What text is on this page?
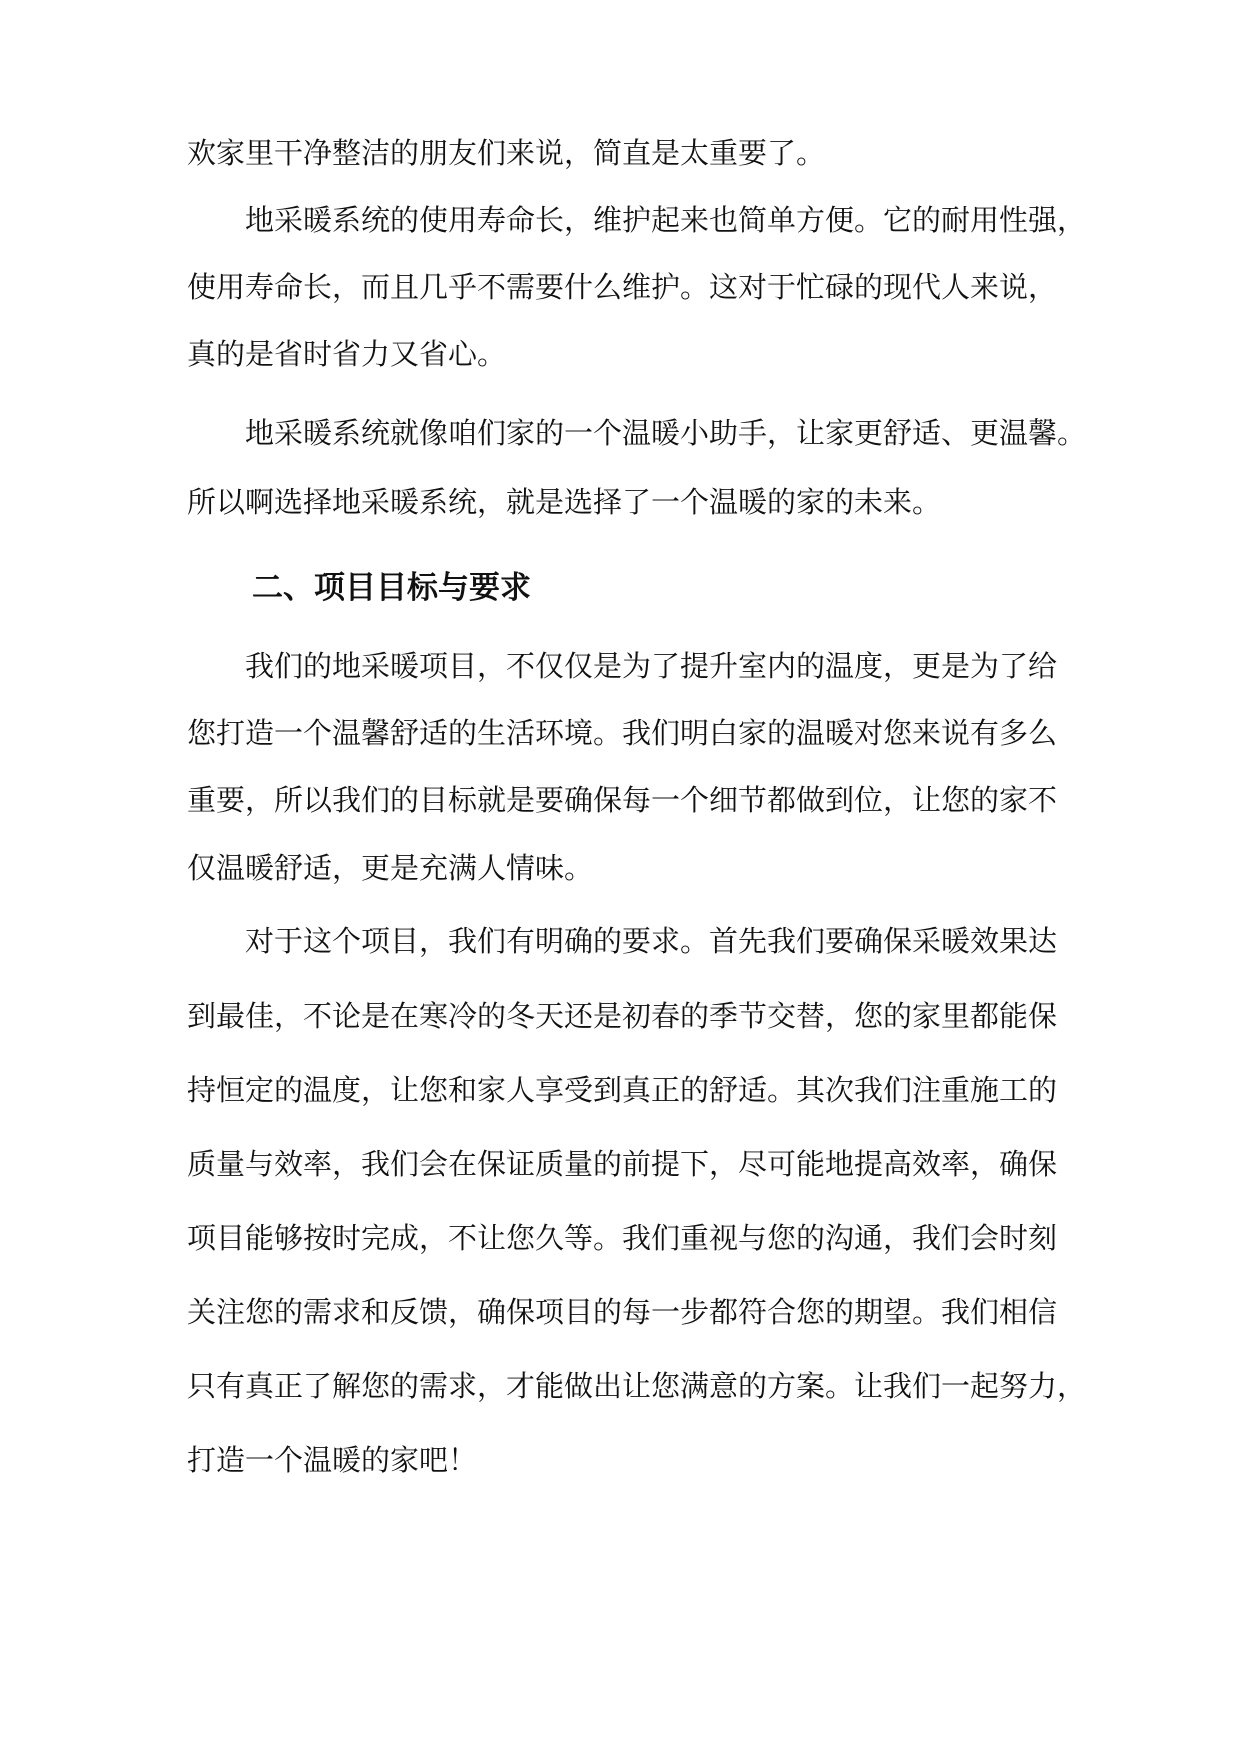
欢家里干净整洁的朋友们来说，简直是太重要了。
地采暖系统的使用寿命长，维护起来也简单方便。它的耐用性强，
使用寿命长，而且几乎不需要什么维护。这对于忙碌的现代人来说，
真的是省时省力又省心。
地采暖系统就像咱们家的一个温暖小助手，让家更舒适、更温馨。
所以啊选择地采暖系统，就是选择了一个温暖的家的未来。
二、项目目标与要求
我们的地采暖项目，不仅仅是为了提升室内的温度，更是为了给
您打造一个温馨舒适的生活环境。我们明白家的温暖对您来说有多么
重要，所以我们的目标就是要确保每一个细节都做到位，让您的家不
仅温暖舒适，更是充满人情味。
对于这个项目，我们有明确的要求。首先我们要确保采暖效果达
到最佳，不论是在寒冷的冬天还是初春的季节交替，您的家里都能保
持恒定的温度，让您和家人享受到真正的舒适。其次我们注重施工的
质量与效率，我们会在保证质量的前提下，尽可能地提高效率，确保
项目能够按时完成，不让您久等。我们重视与您的沟通，我们会时刻
关注您的需求和反馈，确保项目的每一步都符合您的期望。我们相信
只有真正了解您的需求，才能做出让您满意的方案。让我们一起努力，
打造一个温暖的家吧！
